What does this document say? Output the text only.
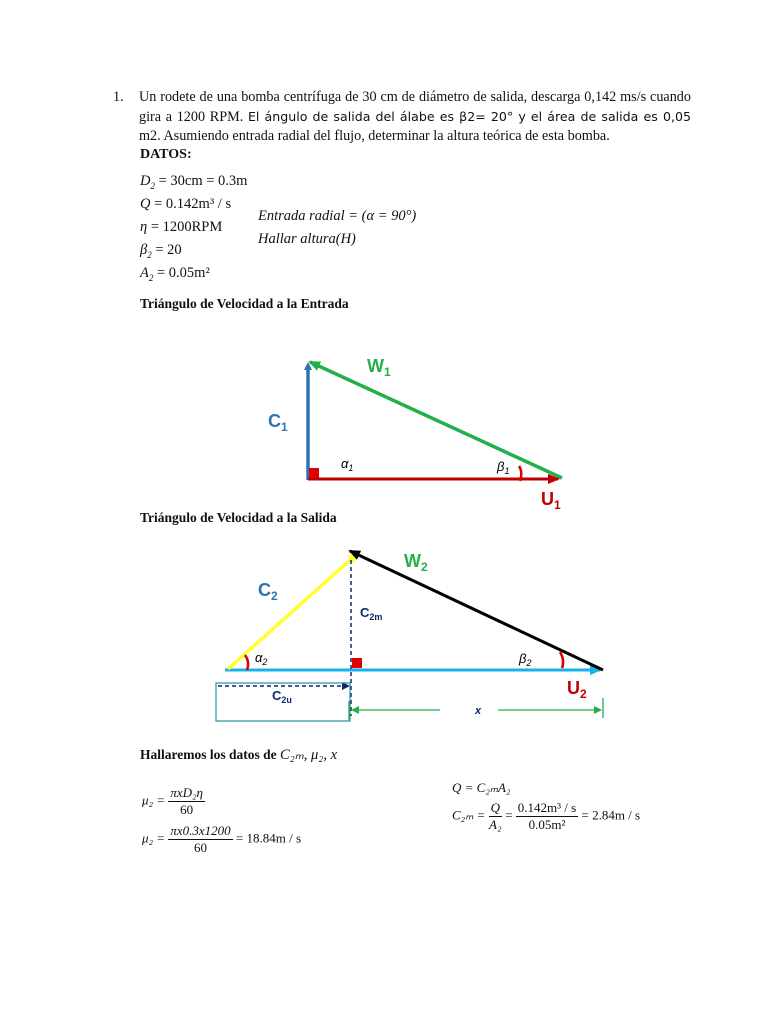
1. Un rodete de una bomba centrífuga de 30 cm de diámetro de salida, descarga 0,142 ms/s cuando gira a 1200 RPM. El ángulo de salida del álabe es β2= 20° y el área de salida es 0,05 m2. Asumiendo entrada radial del flujo, determinar la altura teórica de esta bomba.
DATOS:
$D_2 = 30cm = 0.3m$
Q = 0.142m³ / s
η = 1200RPM
$\beta_2 = 20$
$A_2 = 0.05m^2$
Entrada radial = (α = 90°)
Hallar altura(H)
Triángulo de Velocidad a la Entrada
$W_1$
$C_1$
$U_1$
$\alpha_1$	$\beta_1$
$W_2$
$C_2$
$C_{2m}$
$C_{2u}$
$U_2$
$\alpha_2$	$\beta_2$
x
Triángulo de Velocidad a la Salida
Hallaremos los datos de C₂ₘ, μ₂, x
$\mu_2 = \frac{\text{πxD₂η}}{60}$
$\mu_2 = \frac{\pi x0.3x1200}{60} = 18.84m / s$
Q = C₂ₘA₂
$C_{2m} = \frac{Q}{\text{A₂}} = \frac{\text{0.142m³ / s}}{\text{0.05m²}} = 2.84m / s$
